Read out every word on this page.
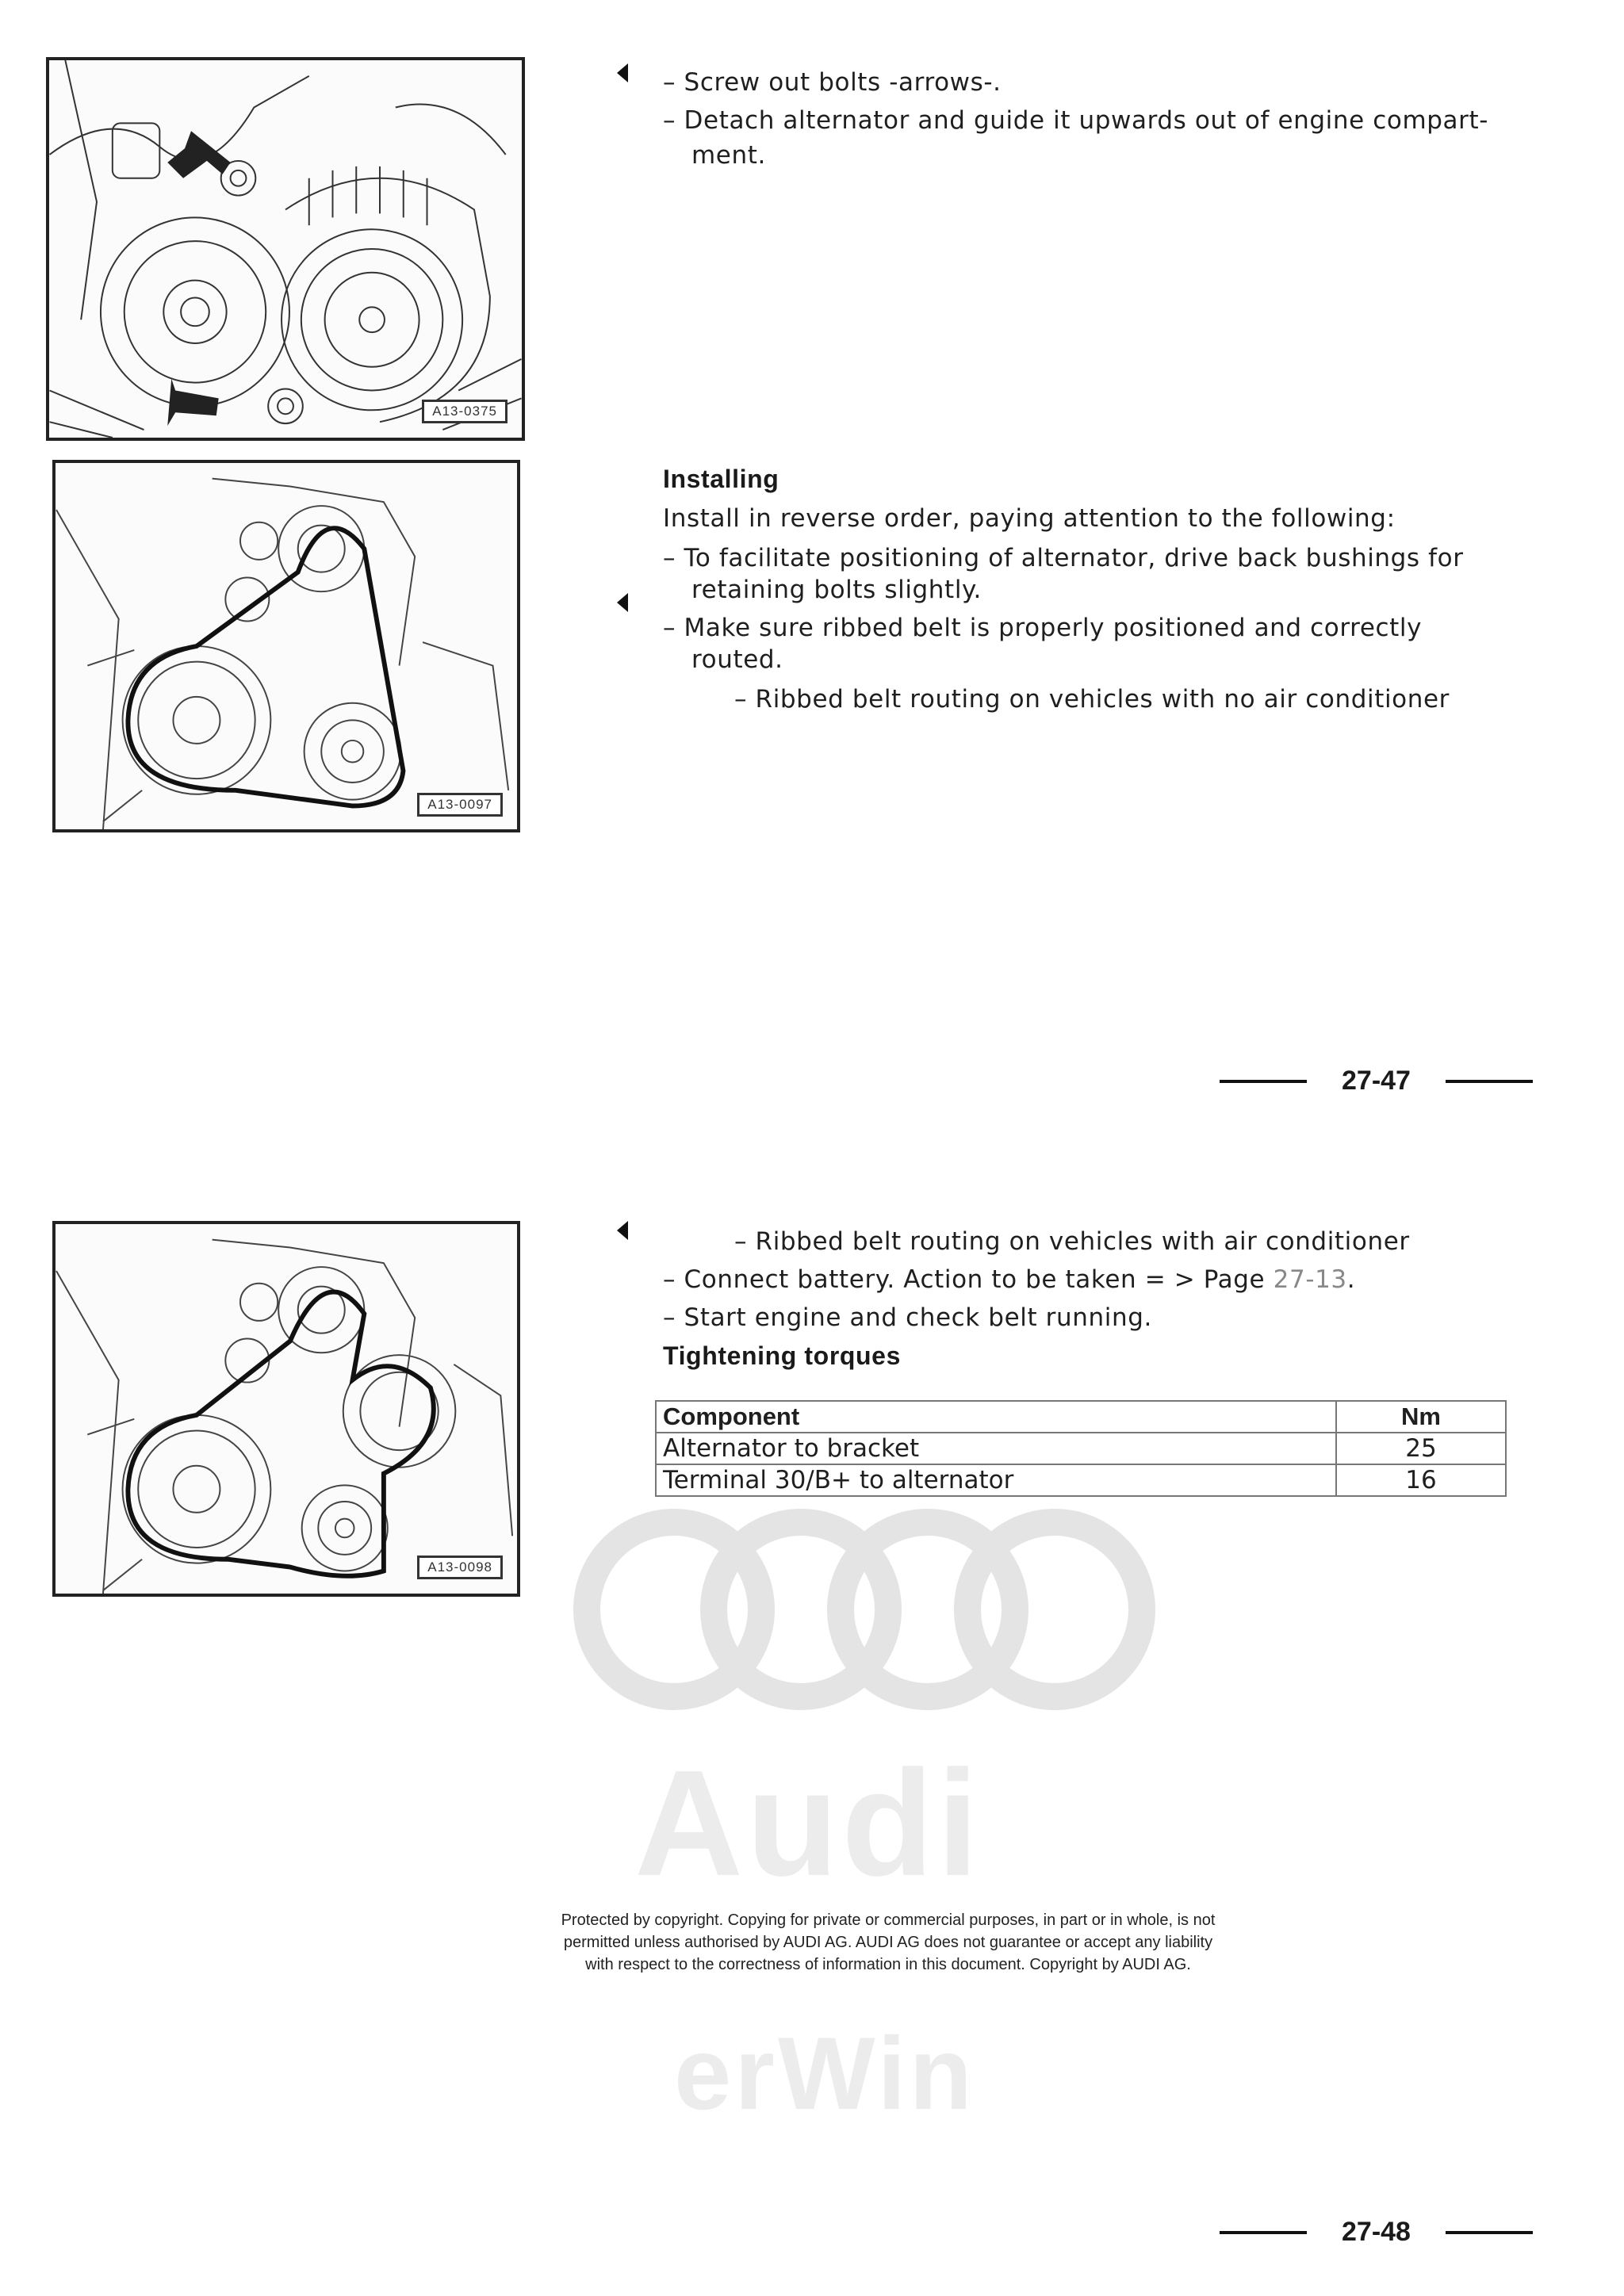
A13-0375
A13-0097
– Screw out bolts -arrows-.
– Detach alternator and guide it upwards out of engine compart-
ment.
Installing
Install in reverse order, paying attention to the following:
– To facilitate positioning of alternator, drive back bushings for
retaining bolts slightly.
– Make sure ribbed belt is properly positioned and correctly
routed.
– Ribbed belt routing on vehicles with no air conditioner
27-47
A13-0098
– Ribbed belt routing on vehicles with air conditioner
– Connect battery. Action to be taken = > Page 27-13.
– Start engine and check belt running.
Tightening torques
Component	Nm
Alternator to bracket	25
Terminal 30/B+ to alternator	16
Audi
Protected by copyright. Copying for private or commercial purposes, in part or in whole, is not
permitted unless authorised by AUDI AG. AUDI AG does not guarantee or accept any liability
with respect to the correctness of information in this document. Copyright by AUDI AG.
erWin
27-48
